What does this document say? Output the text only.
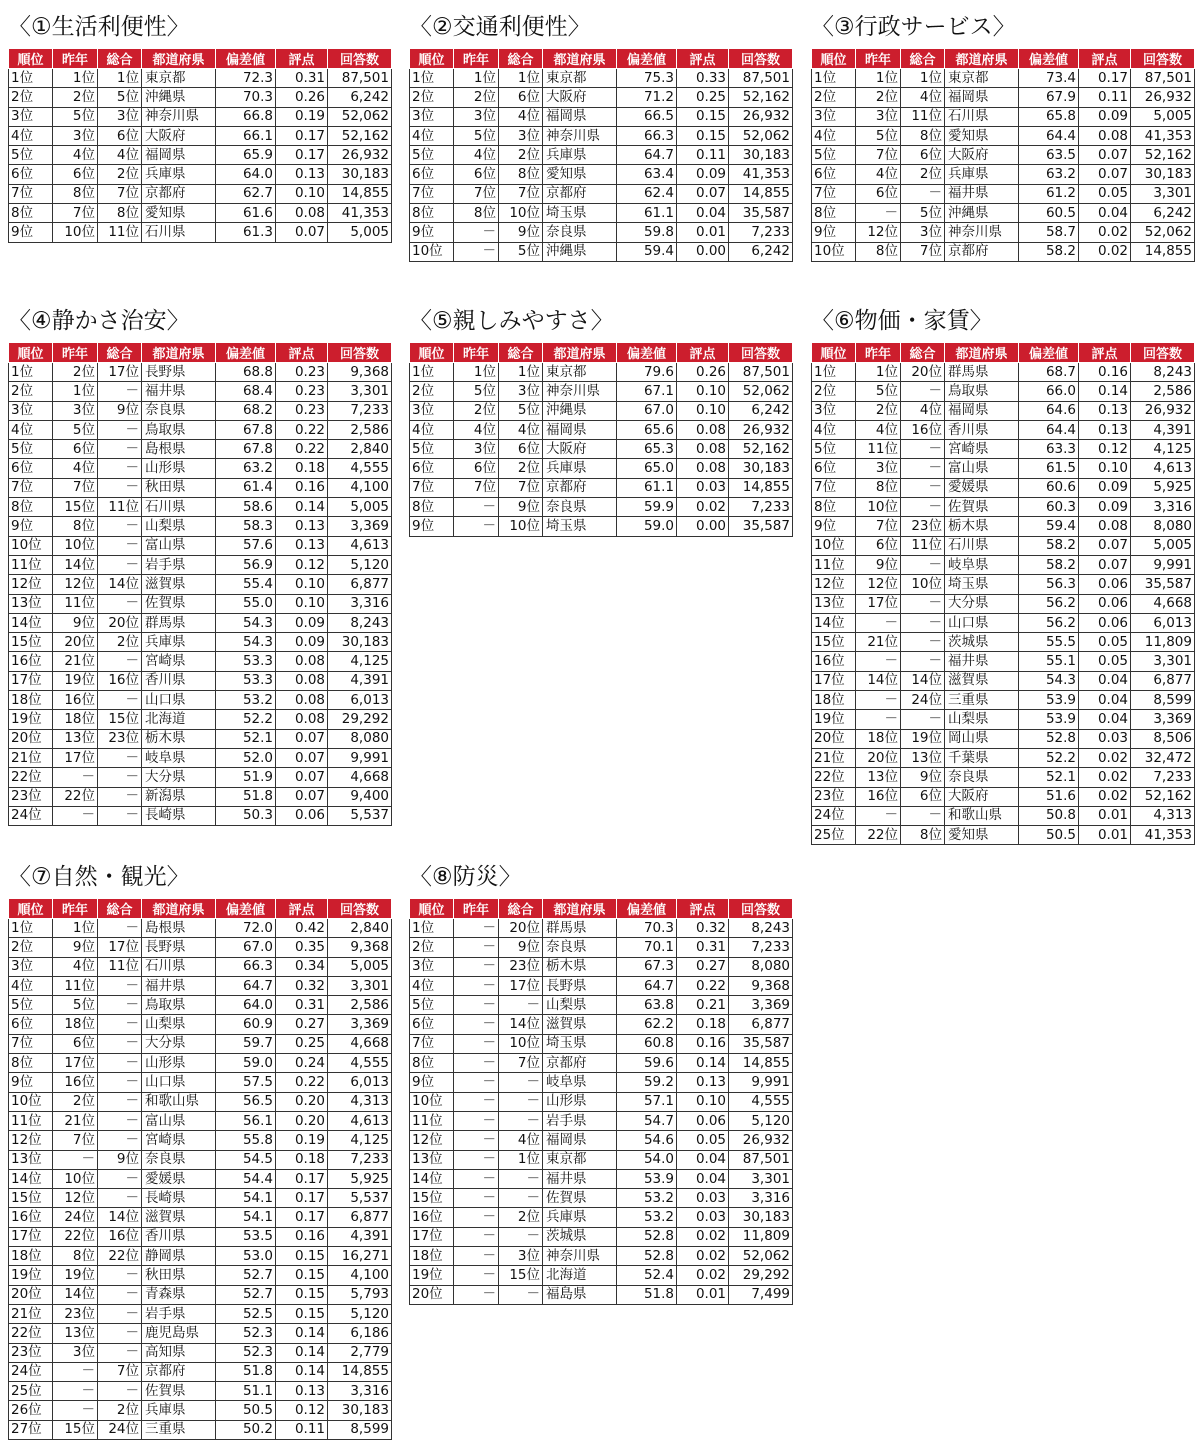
〈①生活利便性〉
順位	昨年	総合	都道府県	偏差値	評点	回答数
1位	1位	1位	東京都	72.3	0.31	87,501
2位	2位	5位	沖縄県	70.3	0.26	6,242
3位	5位	3位	神奈川県	66.8	0.19	52,062
4位	3位	6位	大阪府	66.1	0.17	52,162
5位	4位	4位	福岡県	65.9	0.17	26,932
6位	6位	2位	兵庫県	64.0	0.13	30,183
7位	8位	7位	京都府	62.7	0.10	14,855
8位	7位	8位	愛知県	61.6	0.08	41,353
9位	10位	11位	石川県	61.3	0.07	5,005
〈②交通利便性〉
順位	昨年	総合	都道府県	偏差値	評点	回答数
1位	1位	1位	東京都	75.3	0.33	87,501
2位	2位	6位	大阪府	71.2	0.25	52,162
3位	3位	4位	福岡県	66.5	0.15	26,932
4位	5位	3位	神奈川県	66.3	0.15	52,062
5位	4位	2位	兵庫県	64.7	0.11	30,183
6位	6位	8位	愛知県	63.4	0.09	41,353
7位	7位	7位	京都府	62.4	0.07	14,855
8位	8位	10位	埼玉県	61.1	0.04	35,587
9位	－	9位	奈良県	59.8	0.01	7,233
10位	－	5位	沖縄県	59.4	0.00	6,242
〈③行政サービス〉
順位	昨年	総合	都道府県	偏差値	評点	回答数
1位	1位	1位	東京都	73.4	0.17	87,501
2位	2位	4位	福岡県	67.9	0.11	26,932
3位	3位	11位	石川県	65.8	0.09	5,005
4位	5位	8位	愛知県	64.4	0.08	41,353
5位	7位	6位	大阪府	63.5	0.07	52,162
6位	4位	2位	兵庫県	63.2	0.07	30,183
7位	6位	－	福井県	61.2	0.05	3,301
8位	－	5位	沖縄県	60.5	0.04	6,242
9位	12位	3位	神奈川県	58.7	0.02	52,062
10位	8位	7位	京都府	58.2	0.02	14,855
〈④静かさ治安〉
順位	昨年	総合	都道府県	偏差値	評点	回答数
1位	2位	17位	長野県	68.8	0.23	9,368
2位	1位	－	福井県	68.4	0.23	3,301
3位	3位	9位	奈良県	68.2	0.23	7,233
4位	5位	－	鳥取県	67.8	0.22	2,586
5位	6位	－	島根県	67.8	0.22	2,840
6位	4位	－	山形県	63.2	0.18	4,555
7位	7位	－	秋田県	61.4	0.16	4,100
8位	15位	11位	石川県	58.6	0.14	5,005
9位	8位	－	山梨県	58.3	0.13	3,369
10位	10位	－	富山県	57.6	0.13	4,613
11位	14位	－	岩手県	56.9	0.12	5,120
12位	12位	14位	滋賀県	55.4	0.10	6,877
13位	11位	－	佐賀県	55.0	0.10	3,316
14位	9位	20位	群馬県	54.3	0.09	8,243
15位	20位	2位	兵庫県	54.3	0.09	30,183
16位	21位	－	宮崎県	53.3	0.08	4,125
17位	19位	16位	香川県	53.3	0.08	4,391
18位	16位	－	山口県	53.2	0.08	6,013
19位	18位	15位	北海道	52.2	0.08	29,292
20位	13位	23位	栃木県	52.1	0.07	8,080
21位	17位	－	岐阜県	52.0	0.07	9,991
22位	－	－	大分県	51.9	0.07	4,668
23位	22位	－	新潟県	51.8	0.07	9,400
24位	－	－	長崎県	50.3	0.06	5,537
〈⑤親しみやすさ〉
順位	昨年	総合	都道府県	偏差値	評点	回答数
1位	1位	1位	東京都	79.6	0.26	87,501
2位	5位	3位	神奈川県	67.1	0.10	52,062
3位	2位	5位	沖縄県	67.0	0.10	6,242
4位	4位	4位	福岡県	65.6	0.08	26,932
5位	3位	6位	大阪府	65.3	0.08	52,162
6位	6位	2位	兵庫県	65.0	0.08	30,183
7位	7位	7位	京都府	61.1	0.03	14,855
8位	－	9位	奈良県	59.9	0.02	7,233
9位	－	10位	埼玉県	59.0	0.00	35,587
〈⑥物価・家賃〉
順位	昨年	総合	都道府県	偏差値	評点	回答数
1位	1位	20位	群馬県	68.7	0.16	8,243
2位	5位	－	鳥取県	66.0	0.14	2,586
3位	2位	4位	福岡県	64.6	0.13	26,932
4位	4位	16位	香川県	64.4	0.13	4,391
5位	11位	－	宮崎県	63.3	0.12	4,125
6位	3位	－	富山県	61.5	0.10	4,613
7位	8位	－	愛媛県	60.6	0.09	5,925
8位	10位	－	佐賀県	60.3	0.09	3,316
9位	7位	23位	栃木県	59.4	0.08	8,080
10位	6位	11位	石川県	58.2	0.07	5,005
11位	9位	－	岐阜県	58.2	0.07	9,991
12位	12位	10位	埼玉県	56.3	0.06	35,587
13位	17位	－	大分県	56.2	0.06	4,668
14位	－	－	山口県	56.2	0.06	6,013
15位	21位	－	茨城県	55.5	0.05	11,809
16位	－	－	福井県	55.1	0.05	3,301
17位	14位	14位	滋賀県	54.3	0.04	6,877
18位	－	24位	三重県	53.9	0.04	8,599
19位	－	－	山梨県	53.9	0.04	3,369
20位	18位	19位	岡山県	52.8	0.03	8,506
21位	20位	13位	千葉県	52.2	0.02	32,472
22位	13位	9位	奈良県	52.1	0.02	7,233
23位	16位	6位	大阪府	51.6	0.02	52,162
24位	－	－	和歌山県	50.8	0.01	4,313
25位	22位	8位	愛知県	50.5	0.01	41,353
〈⑦自然・観光〉
順位	昨年	総合	都道府県	偏差値	評点	回答数
1位	1位	－	島根県	72.0	0.42	2,840
2位	9位	17位	長野県	67.0	0.35	9,368
3位	4位	11位	石川県	66.3	0.34	5,005
4位	11位	－	福井県	64.7	0.32	3,301
5位	5位	－	鳥取県	64.0	0.31	2,586
6位	18位	－	山梨県	60.9	0.27	3,369
7位	6位	－	大分県	59.7	0.25	4,668
8位	17位	－	山形県	59.0	0.24	4,555
9位	16位	－	山口県	57.5	0.22	6,013
10位	2位	－	和歌山県	56.5	0.20	4,313
11位	21位	－	富山県	56.1	0.20	4,613
12位	7位	－	宮崎県	55.8	0.19	4,125
13位	－	9位	奈良県	54.5	0.18	7,233
14位	10位	－	愛媛県	54.4	0.17	5,925
15位	12位	－	長崎県	54.1	0.17	5,537
16位	24位	14位	滋賀県	54.1	0.17	6,877
17位	22位	16位	香川県	53.5	0.16	4,391
18位	8位	22位	静岡県	53.0	0.15	16,271
19位	19位	－	秋田県	52.7	0.15	4,100
20位	14位	－	青森県	52.7	0.15	5,793
21位	23位	－	岩手県	52.5	0.15	5,120
22位	13位	－	鹿児島県	52.3	0.14	6,186
23位	3位	－	高知県	52.3	0.14	2,779
24位	－	7位	京都府	51.8	0.14	14,855
25位	－	－	佐賀県	51.1	0.13	3,316
26位	－	2位	兵庫県	50.5	0.12	30,183
27位	15位	24位	三重県	50.2	0.11	8,599
〈⑧防災〉
順位	昨年	総合	都道府県	偏差値	評点	回答数
1位	－	20位	群馬県	70.3	0.32	8,243
2位	－	9位	奈良県	70.1	0.31	7,233
3位	－	23位	栃木県	67.3	0.27	8,080
4位	－	17位	長野県	64.7	0.22	9,368
5位	－	－	山梨県	63.8	0.21	3,369
6位	－	14位	滋賀県	62.2	0.18	6,877
7位	－	10位	埼玉県	60.8	0.16	35,587
8位	－	7位	京都府	59.6	0.14	14,855
9位	－	－	岐阜県	59.2	0.13	9,991
10位	－	－	山形県	57.1	0.10	4,555
11位	－	－	岩手県	54.7	0.06	5,120
12位	－	4位	福岡県	54.6	0.05	26,932
13位	－	1位	東京都	54.0	0.04	87,501
14位	－	－	福井県	53.9	0.04	3,301
15位	－	－	佐賀県	53.2	0.03	3,316
16位	－	2位	兵庫県	53.2	0.03	30,183
17位	－	－	茨城県	52.8	0.02	11,809
18位	－	3位	神奈川県	52.8	0.02	52,062
19位	－	15位	北海道	52.4	0.02	29,292
20位	－	－	福島県	51.8	0.01	7,499
